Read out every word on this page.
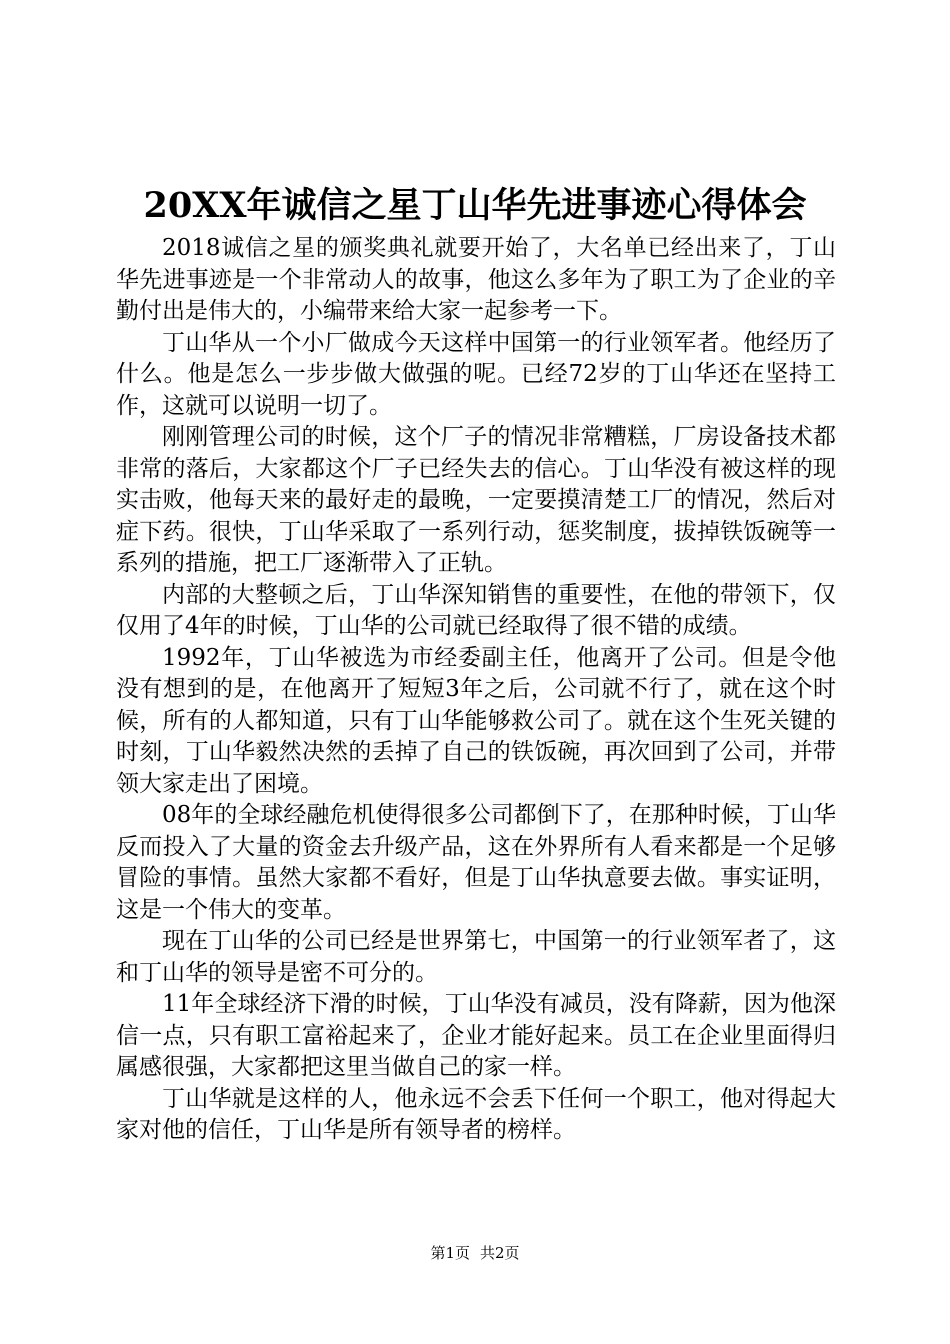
20XX年诚信之星丁山华先进事迹心得体会

2018诚信之星的颁奖典礼就要开始了，大名单已经出来了，丁山华先进事迹是一个非常动人的故事，他这么多年为了职工为了企业的辛勤付出是伟大的，小编带来给大家一起参考一下。

丁山华从一个小厂做成今天这样中国第一的行业领军者。他经历了什么。他是怎么一步步做大做强的呢。已经72岁的丁山华还在坚持工作，这就可以说明一切了。

刚刚管理公司的时候，这个厂子的情况非常糟糕，厂房设备技术都非常的落后，大家都这个厂子已经失去的信心。丁山华没有被这样的现实击败，他每天来的最好走的最晚，一定要摸清楚工厂的情况，然后对症下药。很快，丁山华采取了一系列行动，惩奖制度，拔掉铁饭碗等一系列的措施，把工厂逐渐带入了正轨。

内部的大整顿之后，丁山华深知销售的重要性，在他的带领下，仅仅用了4年的时候，丁山华的公司就已经取得了很不错的成绩。

1992年，丁山华被选为市经委副主任，他离开了公司。但是令他没有想到的是，在他离开了短短3年之后，公司就不行了，就在这个时候，所有的人都知道，只有丁山华能够救公司了。就在这个生死关键的时刻，丁山华毅然决然的丢掉了自己的铁饭碗，再次回到了公司，并带领大家走出了困境。

08年的全球经融危机使得很多公司都倒下了，在那种时候，丁山华反而投入了大量的资金去升级产品，这在外界所有人看来都是一个足够冒险的事情。虽然大家都不看好，但是丁山华执意要去做。事实证明，这是一个伟大的变革。

现在丁山华的公司已经是世界第七，中国第一的行业领军者了，这和丁山华的领导是密不可分的。

11年全球经济下滑的时候，丁山华没有减员，没有降薪，因为他深信一点，只有职工富裕起来了，企业才能好起来。员工在企业里面得归属感很强，大家都把这里当做自己的家一样。

丁山华就是这样的人，他永远不会丢下任何一个职工，他对得起大家对他的信任，丁山华是所有领导者的榜样。

第1页 共2页
